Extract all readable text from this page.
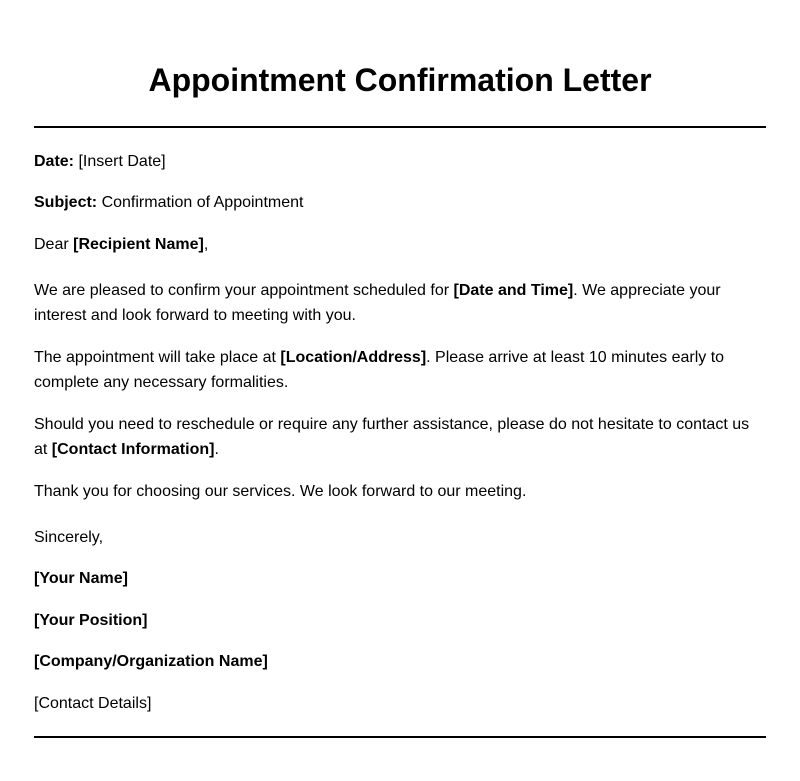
Appointment Confirmation Letter

Date: [Insert Date]

Subject: Confirmation of Appointment

Dear [Recipient Name],

We are pleased to confirm your appointment scheduled for [Date and Time]. We appreciate your interest and look forward to meeting with you.

The appointment will take place at [Location/Address]. Please arrive at least 10 minutes early to complete any necessary formalities.

Should you need to reschedule or require any further assistance, please do not hesitate to contact us at [Contact Information].

Thank you for choosing our services. We look forward to our meeting.

Sincerely,

[Your Name]

[Your Position]

[Company/Organization Name]

[Contact Details]
